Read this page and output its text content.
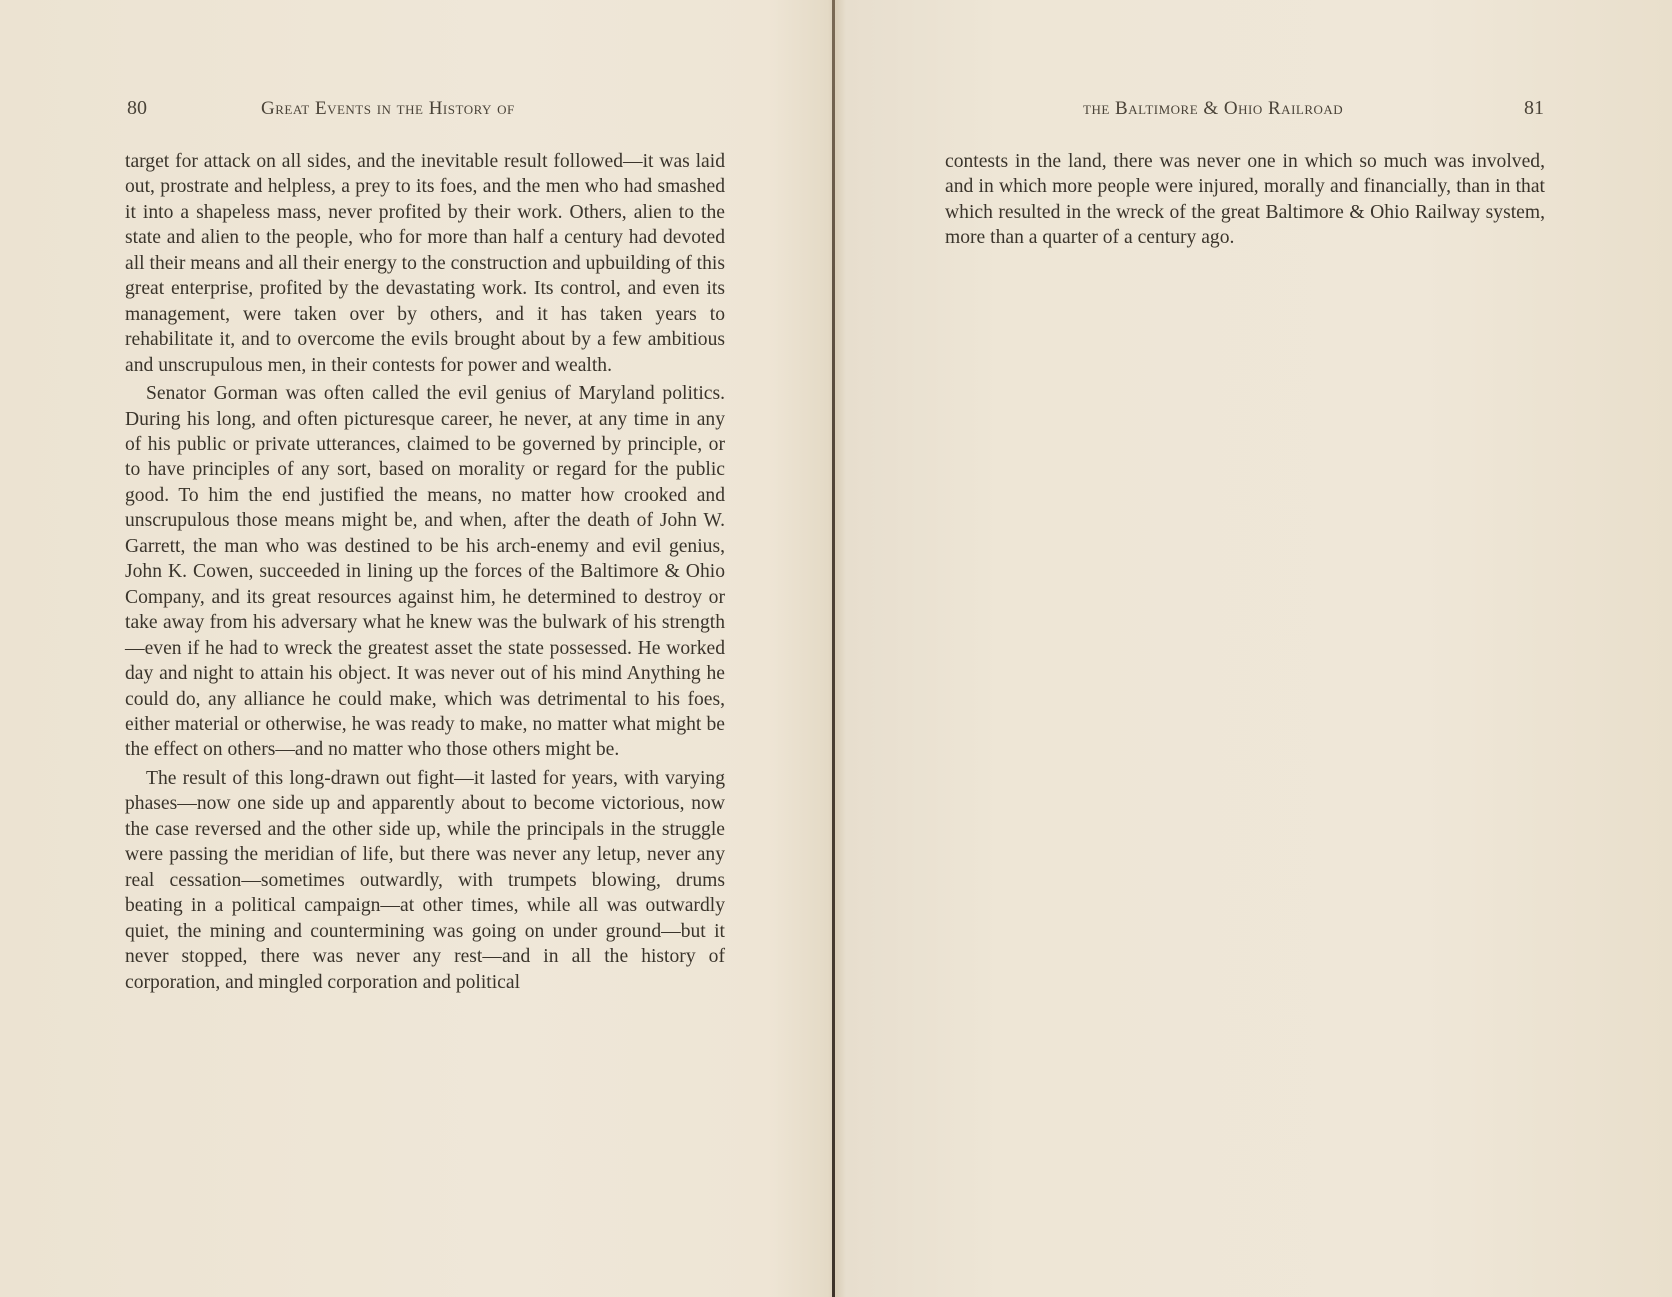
80	Great Events in the History of

target for attack on all sides, and the inevitable result followed—it was laid out, prostrate and helpless, a prey to its foes, and the men who had smashed it into a shapeless mass, never profited by their work. Others, alien to the state and alien to the people, who for more than half a century had devoted all their means and all their energy to the construction and upbuilding of this great enterprise, profited by the devastating work. Its control, and even its management, were taken over by others, and it has taken years to rehabilitate it, and to overcome the evils brought about by a few ambitious and unscrupulous men, in their contests for power and wealth.

Senator Gorman was often called the evil genius of Maryland politics. During his long, and often picturesque career, he never, at any time in any of his public or private utterances, claimed to be governed by principle, or to have principles of any sort, based on morality or regard for the public good. To him the end justified the means, no matter how crooked and unscrupulous those means might be, and when, after the death of John W. Garrett, the man who was destined to be his arch-enemy and evil genius, John K. Cowen, succeeded in lining up the forces of the Baltimore & Ohio Company, and its great resources against him, he determined to destroy or take away from his adversary what he knew was the bulwark of his strength—even if he had to wreck the greatest asset the state possessed. He worked day and night to attain his object. It was never out of his mind Anything he could do, any alliance he could make, which was detrimental to his foes, either material or otherwise, he was ready to make, no matter what might be the effect on others—and no matter who those others might be.

The result of this long-drawn out fight—it lasted for years, with varying phases—now one side up and apparently about to become victorious, now the case reversed and the other side up, while the principals in the struggle were passing the meridian of life, but there was never any letup, never any real cessation—sometimes outwardly, with trumpets blowing, drums beating in a political campaign—at other times, while all was outwardly quiet, the mining and countermining was going on under ground—but it never stopped, there was never any rest—and in all the history of corporation, and mingled corporation and political

the Baltimore & Ohio Railroad	81

contests in the land, there was never one in which so much was involved, and in which more people were injured, morally and financially, than in that which resulted in the wreck of the great Baltimore & Ohio Railway system, more than a quarter of a century ago.
